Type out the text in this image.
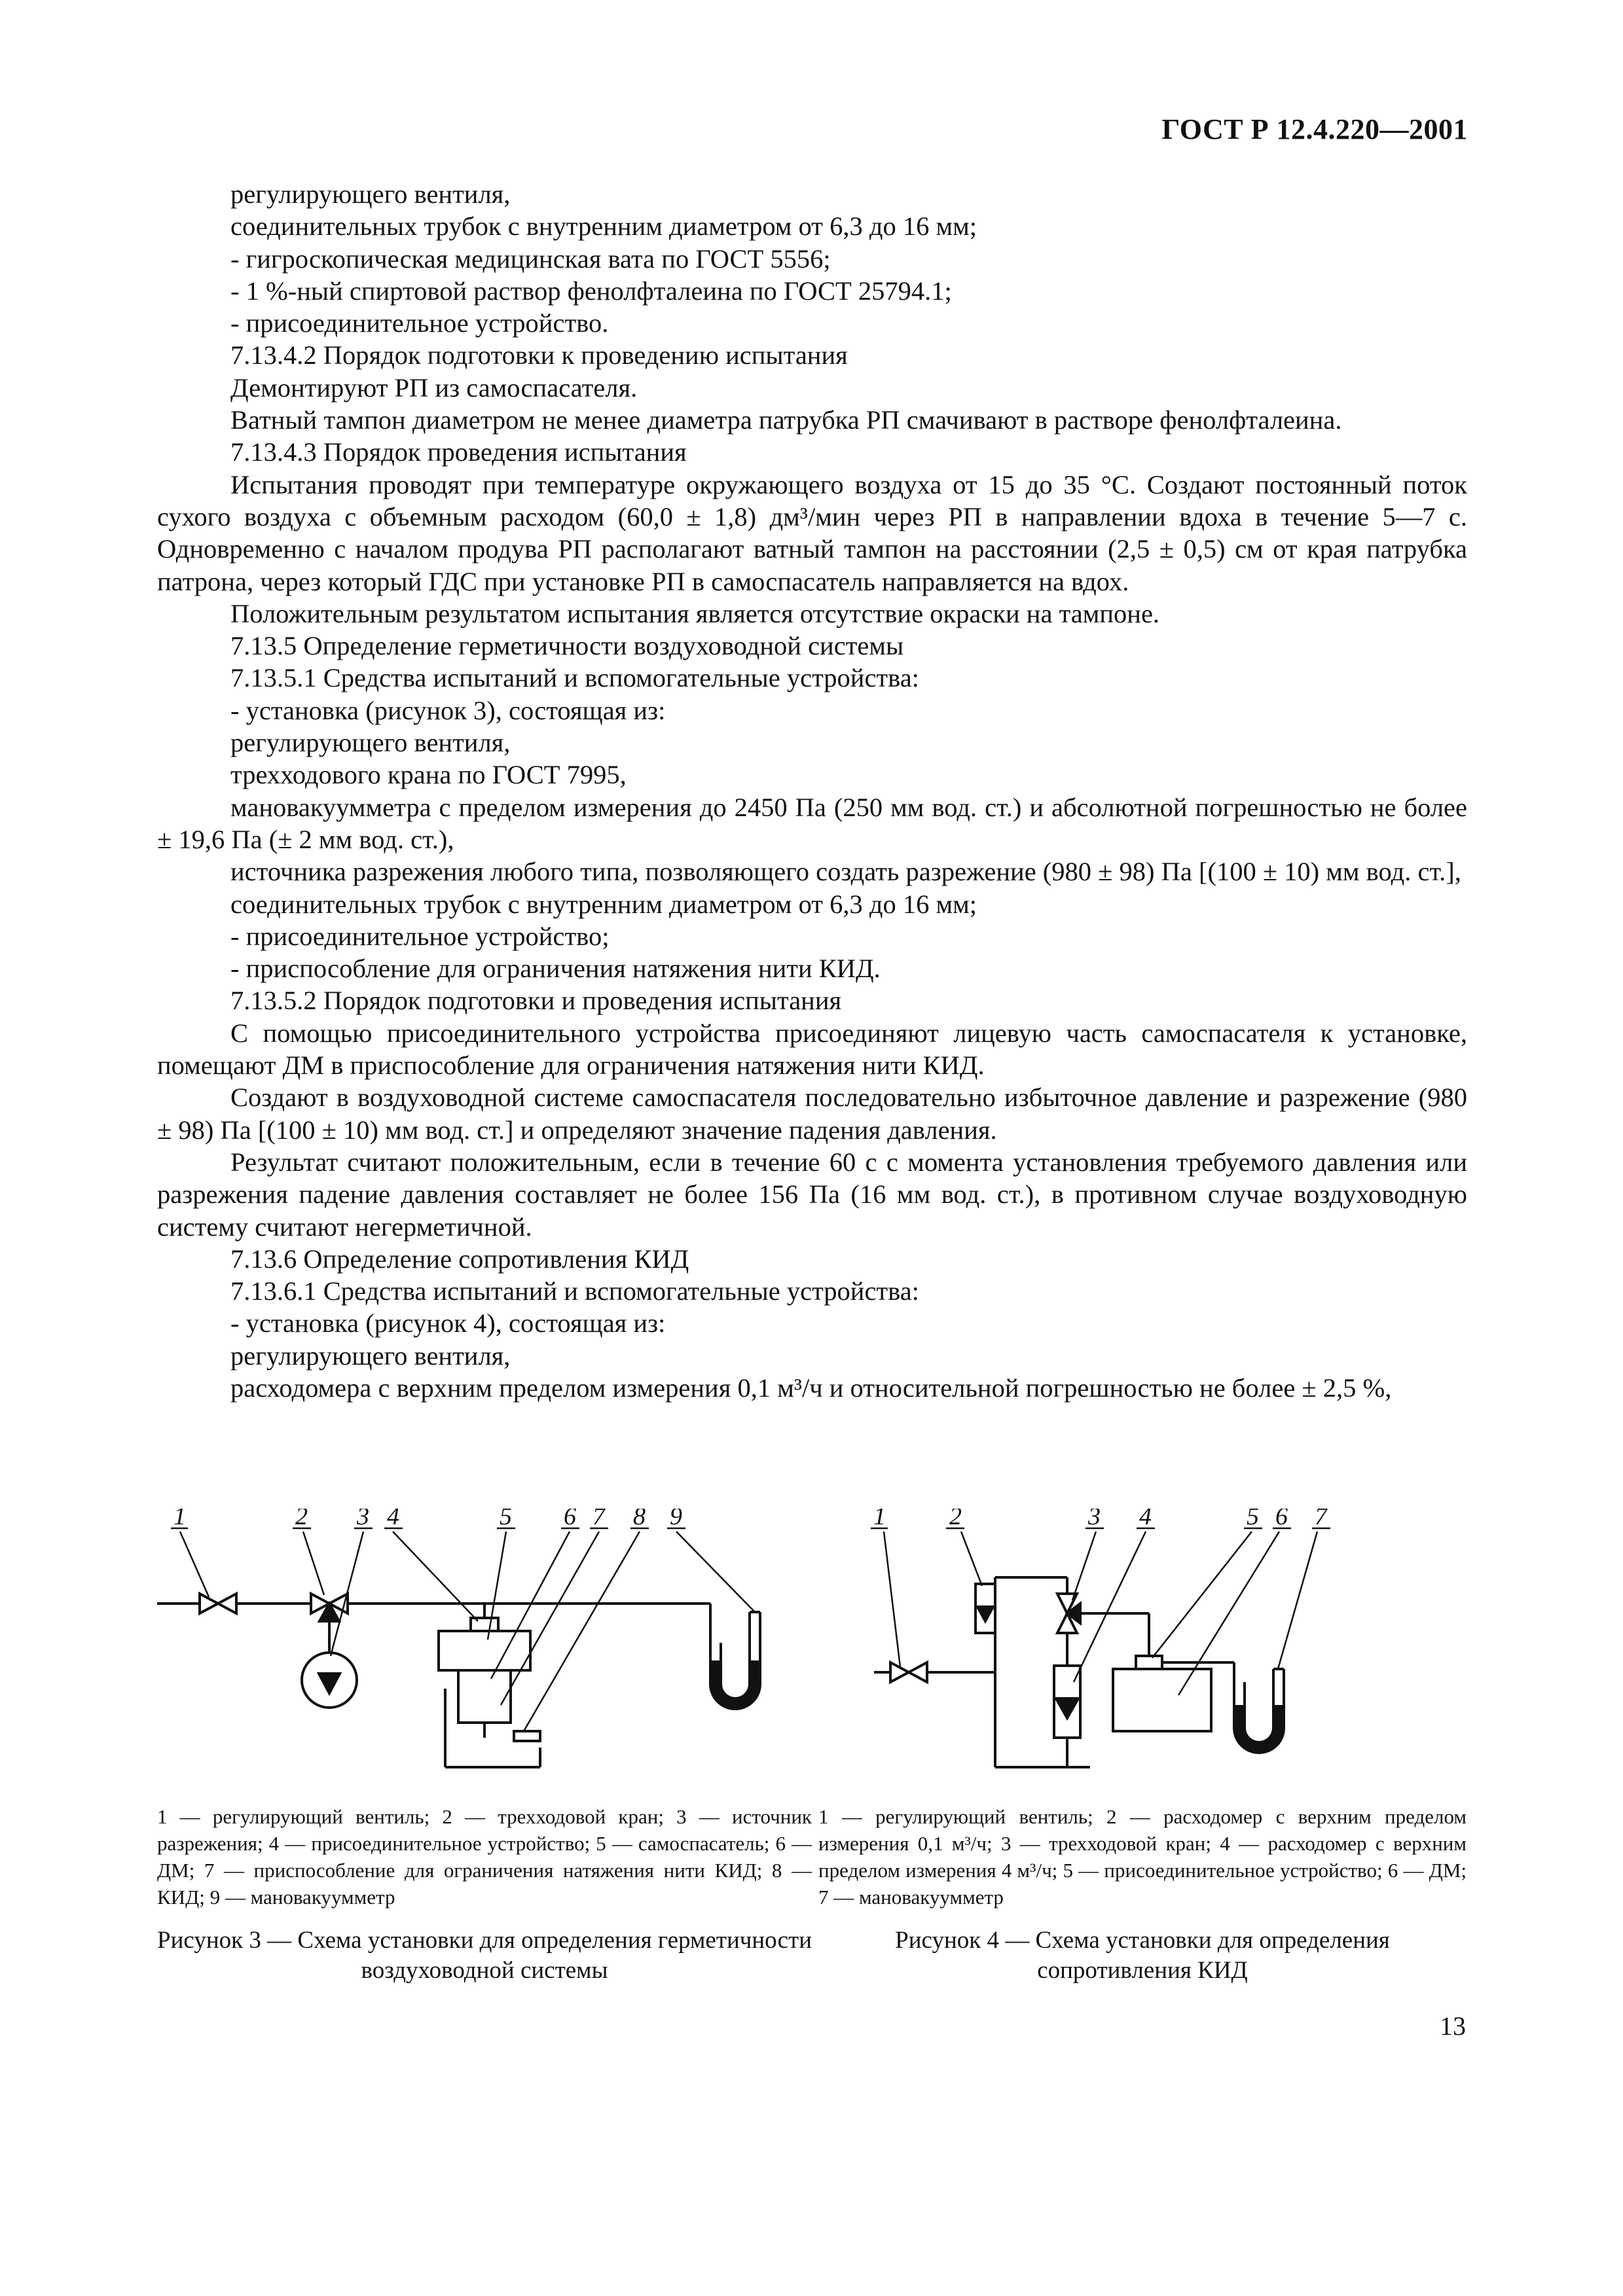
ГОСТ Р 12.4.220—2001

регулирующего вентиля,

соединительных трубок с внутренним диаметром от 6,3 до 16 мм;

- гигроскопическая медицинская вата по ГОСТ 5556;

- 1 %-ный спиртовой раствор фенолфталеина по ГОСТ 25794.1;

- присоединительное устройство.

7.13.4.2 Порядок подготовки к проведению испытания

Демонтируют РП из самоспасателя.

Ватный тампон диаметром не менее диаметра патрубка РП смачивают в растворе фенолфталеина.

7.13.4.3 Порядок проведения испытания

Испытания проводят при температуре окружающего воздуха от 15 до 35 °С. Создают постоянный поток сухого воздуха с объемным расходом (60,0 ± 1,8) дм³/мин через РП в направлении вдоха в течение 5—7 с. Одновременно с началом продува РП располагают ватный тампон на расстоянии (2,5 ± 0,5) см от края патрубка патрона, через который ГДС при установке РП в самоспасатель направляется на вдох.

Положительным результатом испытания является отсутствие окраски на тампоне.

7.13.5 Определение герметичности воздуховодной системы

7.13.5.1 Средства испытаний и вспомогательные устройства:

- установка (рисунок 3), состоящая из:

регулирующего вентиля,

трехходового крана по ГОСТ 7995,

мановакуумметра с пределом измерения до 2450 Па (250 мм вод. ст.) и абсолютной погрешностью не более ± 19,6 Па (± 2 мм вод. ст.),

источника разрежения любого типа, позволяющего создать разрежение (980 ± 98) Па [(100 ± 10) мм вод. ст.],

соединительных трубок с внутренним диаметром от 6,3 до 16 мм;

- присоединительное устройство;

- приспособление для ограничения натяжения нити КИД.

7.13.5.2 Порядок подготовки и проведения испытания

С помощью присоединительного устройства присоединяют лицевую часть самоспасателя к установке, помещают ДМ в приспособление для ограничения натяжения нити КИД.

Создают в воздуховодной системе самоспасателя последовательно избыточное давление и разрежение (980 ± 98) Па [(100 ± 10) мм вод. ст.] и определяют значение падения давления.

Результат считают положительным, если в течение 60 с с момента установления требуемого давления или разрежения падение давления составляет не более 156 Па (16 мм вод. ст.), в противном случае воздуховодную систему считают негерметичной.

7.13.6 Определение сопротивления КИД

7.13.6.1 Средства испытаний и вспомогательные устройства:

- установка (рисунок 4), состоящая из:

регулирующего вентиля,

расходомера с верхним пределом измерения 0,1 м³/ч и относительной погрешностью не более ± 2,5 %,

1	2 3 4	5 6 7 8 9	1	2	3 4	5 6 7
1 — регулирующий вентиль; 2 — трехходовой кран; 3 — источник разрежения; 4 — присоединительное устройство; 5 — самоспасатель; 6 — ДМ; 7 — приспособление для ограничения натяжения нити КИД; 8 — КИД; 9 — мановакуумметр
1 — регулирующий вентиль; 2 — расходомер с верхним пределом измерения 0,1 м³/ч; 3 — трехходовой кран; 4 — расходомер с верхним пределом измерения 4 м³/ч; 5 — присоединительное устройство; 6 — ДМ; 7 — мановакуумметр
Рисунок 3 — Схема установки для определения герметичности воздуховодной системы
Рисунок 4 — Схема установки для определения сопротивления КИД
13
